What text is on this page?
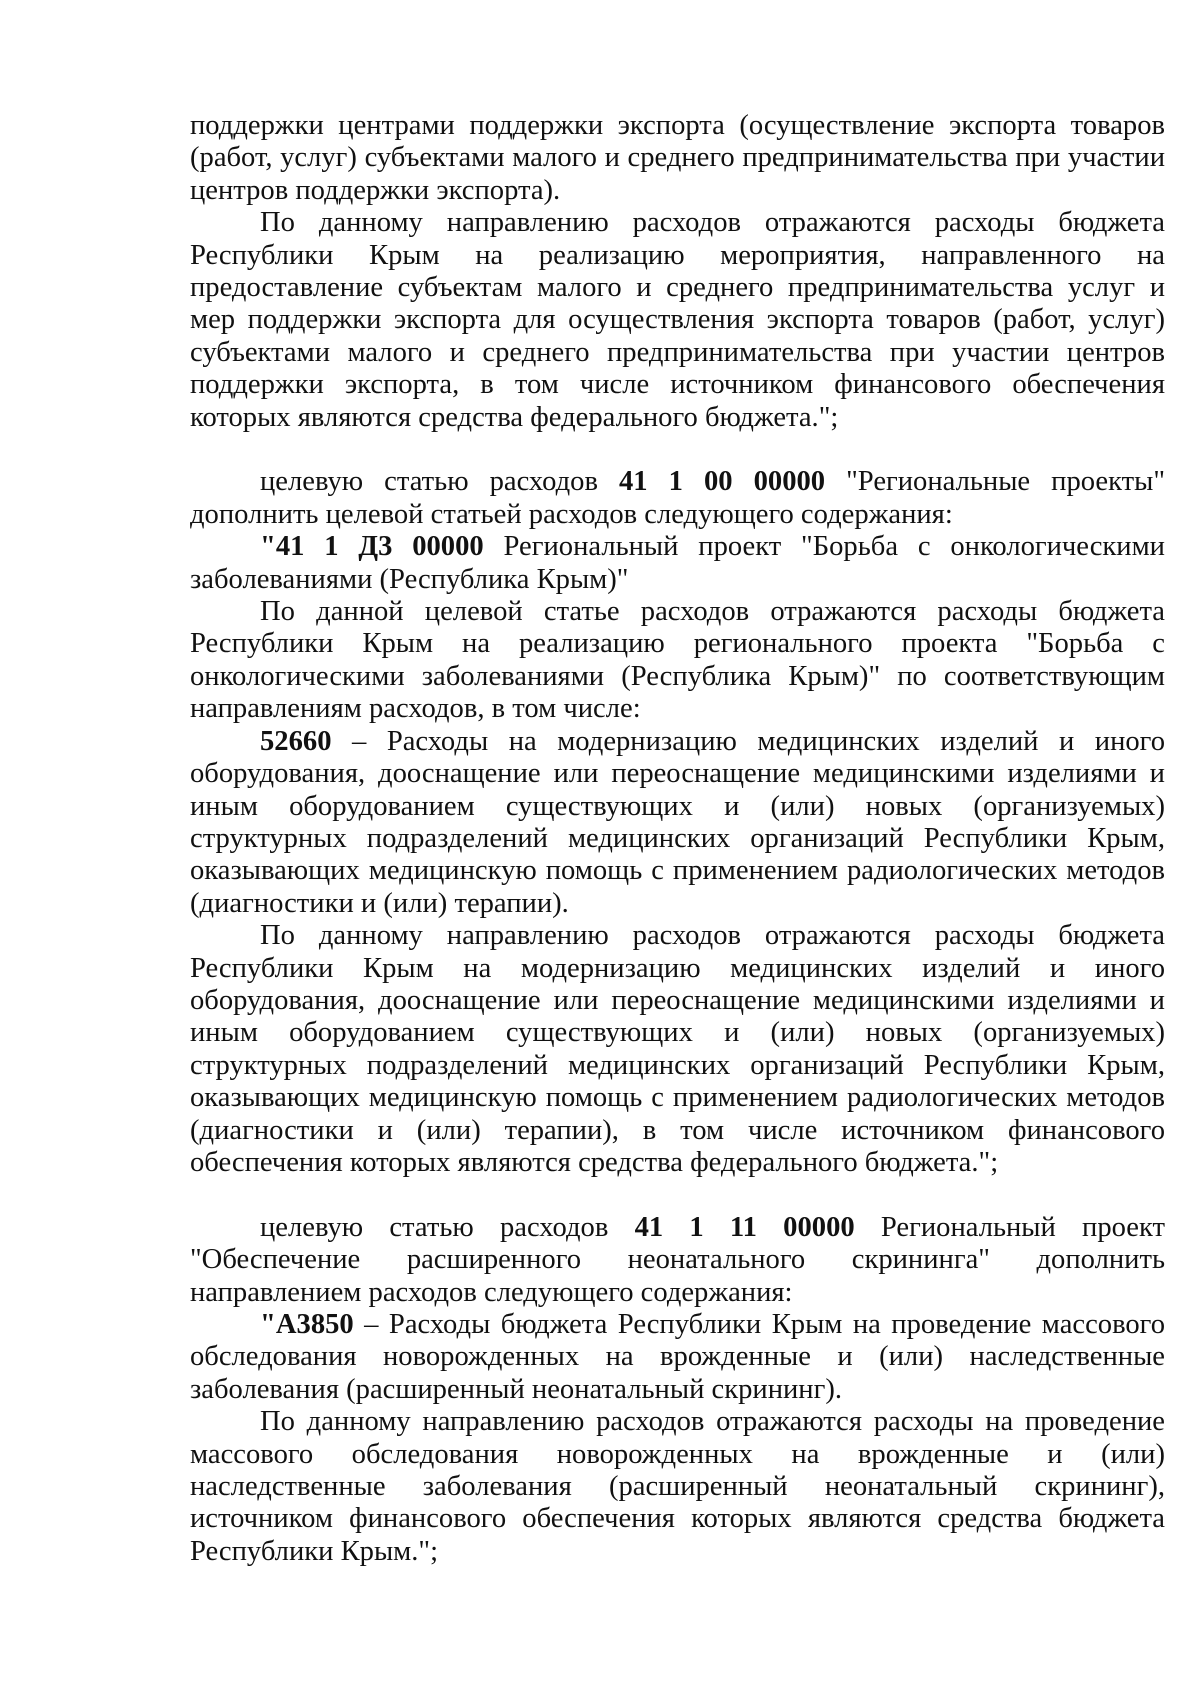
поддержки центрами поддержки экспорта (осуществление экспорта товаров (работ, услуг) субъектами малого и среднего предпринимательства при участии центров поддержки экспорта).

По данному направлению расходов отражаются расходы бюджета Республики Крым на реализацию мероприятия, направленного на предоставление субъектам малого и среднего предпринимательства услуг и мер поддержки экспорта для осуществления экспорта товаров (работ, услуг) субъектами малого и среднего предпринимательства при участии центров поддержки экспорта, в том числе источником финансового обеспечения которых являются средства федерального бюджета.";

целевую статью расходов 41 1 00 00000 "Региональные проекты" дополнить целевой статьей расходов следующего содержания:

"41 1 Д3 00000 Региональный проект "Борьба с онкологическими заболеваниями (Республика Крым)"

По данной целевой статье расходов отражаются расходы бюджета Республики Крым на реализацию регионального проекта "Борьба с онкологическими заболеваниями (Республика Крым)" по соответствующим направлениям расходов, в том числе:

52660 – Расходы на модернизацию медицинских изделий и иного оборудования, дооснащение или переоснащение медицинскими изделиями и иным оборудованием существующих и (или) новых (организуемых) структурных подразделений медицинских организаций Республики Крым, оказывающих медицинскую помощь с применением радиологических методов (диагностики и (или) терапии).

По данному направлению расходов отражаются расходы бюджета Республики Крым на модернизацию медицинских изделий и иного оборудования, дооснащение или переоснащение медицинскими изделиями и иным оборудованием существующих и (или) новых (организуемых) структурных подразделений медицинских организаций Республики Крым, оказывающих медицинскую помощь с применением радиологических методов (диагностики и (или) терапии), в том числе источником финансового обеспечения которых являются средства федерального бюджета.";

целевую статью расходов 41 1 11 00000 Региональный проект "Обеспечение расширенного неонатального скрининга" дополнить направлением расходов следующего содержания:

"А3850 – Расходы бюджета Республики Крым на проведение массового обследования новорожденных на врожденные и (или) наследственные заболевания (расширенный неонатальный скрининг).

По данному направлению расходов отражаются расходы на проведение массового обследования новорожденных на врожденные и (или) наследственные заболевания (расширенный неонатальный скрининг), источником финансового обеспечения которых являются средства бюджета Республики Крым.";
